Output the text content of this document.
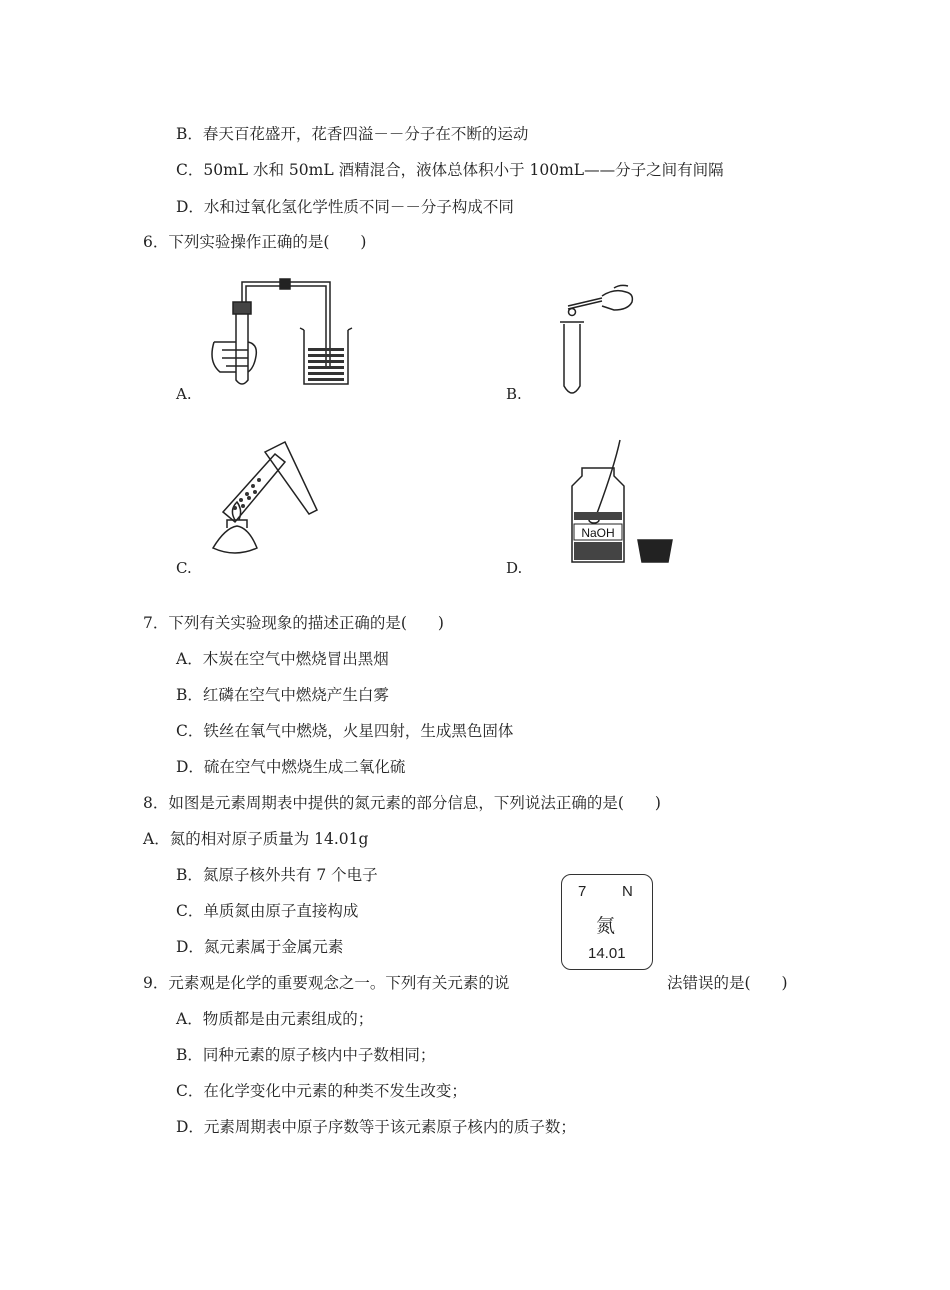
B．春天百花盛开，花香四溢－－分子在不断的运动
C．50mL 水和 50mL 酒精混合，液体总体积小于 100mL——分子之间有间隔
D．水和过氧化氢化学性质不同－－分子构成不同
6．下列实验操作正确的是(　　)
A.	B.
C.
NaOH
D.
7．下列有关实验现象的描述正确的是(　　)
A．木炭在空气中燃烧冒出黑烟
B．红磷在空气中燃烧产生白雾
C．铁丝在氧气中燃烧，火星四射，生成黑色固体
D．硫在空气中燃烧生成二氧化硫
8．如图是元素周期表中提供的氮元素的部分信息，下列说法正确的是(　　)
A．氮的相对原子质量为 14.01g
B．氮原子核外共有 7 个电子
C．单质氮由原子直接构成
D．氮元素属于金属元素
7 N
氮
14.01
9．元素观是化学的重要观念之一。下列有关元素的说	法错误的是(　　)
A．物质都是由元素组成的；
B．同种元素的原子核内中子数相同；
C．在化学变化中元素的种类不发生改变；
D．元素周期表中原子序数等于该元素原子核内的质子数；
